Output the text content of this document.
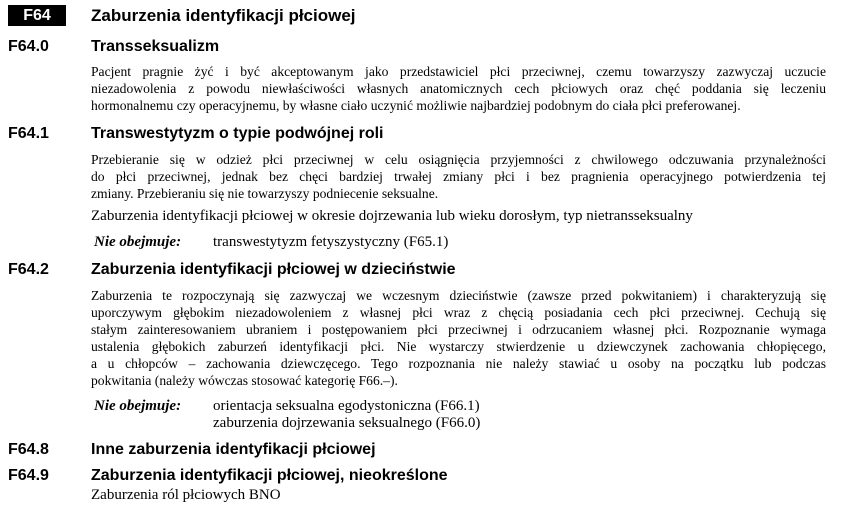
F64	Zaburzenia identyfikacji płciowej
F64.0	Transseksualizm
Pacjent pragnie żyć i być akceptowanym jako przedstawiciel płci przeciwnej, czemu towarzyszy zazwyczaj uczucie
niezadowolenia z powodu niewłaściwości własnych anatomicznych cech płciowych oraz chęć poddania się leczeniu
hormonalnemu czy operacyjnemu, by własne ciało uczynić możliwie najbardziej podobnym do ciała płci preferowanej.
F64.1	Transwestytyzm o typie podwójnej roli
Przebieranie się w odzież płci przeciwnej w celu osiągnięcia przyjemności z chwilowego odczuwania przynależności
do płci przeciwnej, jednak bez chęci bardziej trwałej zmiany płci i bez pragnienia operacyjnego potwierdzenia tej
zmiany. Przebieraniu się nie towarzyszy podniecenie seksualne.
Zaburzenia identyfikacji płciowej w okresie dojrzewania lub wieku dorosłym, typ nietransseksualny
Nie obejmuje: transwestytyzm fetyszystyczny (F65.1)
F64.2	Zaburzenia identyfikacji płciowej w dzieciństwie
Zaburzenia te rozpoczynają się zazwyczaj we wczesnym dzieciństwie (zawsze przed pokwitaniem) i charakteryzują się
uporczywym głębokim niezadowoleniem z własnej płci wraz z chęcią posiadania cech płci przeciwnej. Cechują się
stałym zainteresowaniem ubraniem i postępowaniem płci przeciwnej i odrzucaniem własnej płci. Rozpoznanie wymaga
ustalenia głębokich zaburzeń identyfikacji płci. Nie wystarczy stwierdzenie u dziewczynek zachowania chłopięcego,
a u chłopców – zachowania dziewczęcego. Tego rozpoznania nie należy stawiać u osoby na początku lub podczas
pokwitania (należy wówczas stosować kategorię F66.–).
Nie obejmuje: orientacja seksualna egodystoniczna (F66.1)
zaburzenia dojrzewania seksualnego (F66.0)
F64.8	Inne zaburzenia identyfikacji płciowej
F64.9	Zaburzenia identyfikacji płciowej, nieokreślone
Zaburzenia ról płciowych BNO
